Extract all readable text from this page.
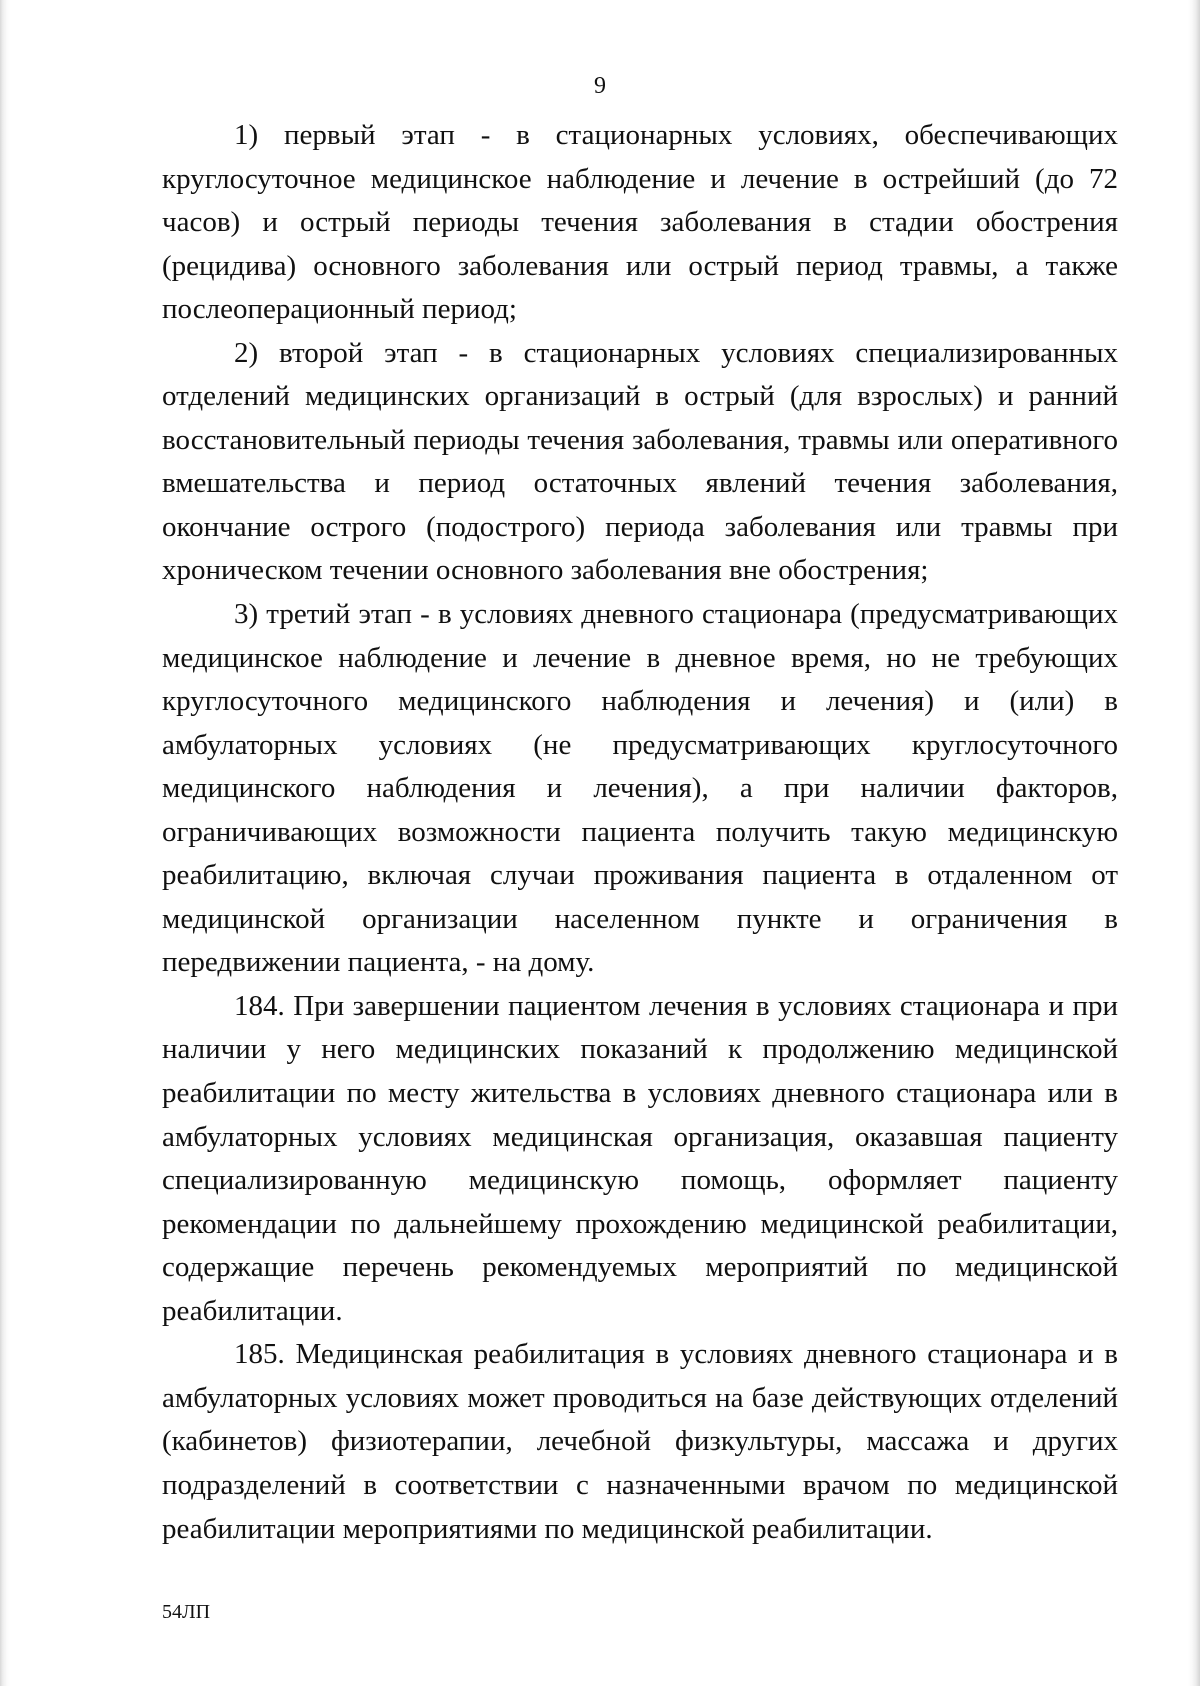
9

1) первый этап - в стационарных условиях, обеспечивающих круглосуточное медицинское наблюдение и лечение в острейший (до 72 часов) и острый периоды течения заболевания в стадии обострения (рецидива) основного заболевания или острый период травмы, а также послеоперационный период;

2) второй этап - в стационарных условиях специализированных отделений медицинских организаций в острый (для взрослых) и ранний восстановительный периоды течения заболевания, травмы или оперативного вмешательства и период остаточных явлений течения заболевания, окончание острого (подострого) периода заболевания или травмы при хроническом течении основного заболевания вне обострения;

3) третий этап - в условиях дневного стационара (предусматривающих медицинское наблюдение и лечение в дневное время, но не требующих круглосуточного медицинского наблюдения и лечения) и (или) в амбулаторных условиях (не предусматривающих круглосуточного медицинского наблюдения и лечения), а при наличии факторов, ограничивающих возможности пациента получить такую медицинскую реабилитацию, включая случаи проживания пациента в отдаленном от медицинской организации населенном пункте и ограничения в передвижении пациента, - на дому.

184. При завершении пациентом лечения в условиях стационара и при наличии у него медицинских показаний к продолжению медицинской реабилитации по месту жительства в условиях дневного стационара или в амбулаторных условиях медицинская организация, оказавшая пациенту специализированную медицинскую помощь, оформляет пациенту рекомендации по дальнейшему прохождению медицинской реабилитации, содержащие перечень рекомендуемых мероприятий по медицинской реабилитации.

185. Медицинская реабилитация в условиях дневного стационара и в амбулаторных условиях может проводиться на базе действующих отделений (кабинетов) физиотерапии, лечебной физкультуры, массажа и других подразделений в соответствии с назначенными врачом по медицинской реабилитации мероприятиями по медицинской реабилитации.

54ЛП
